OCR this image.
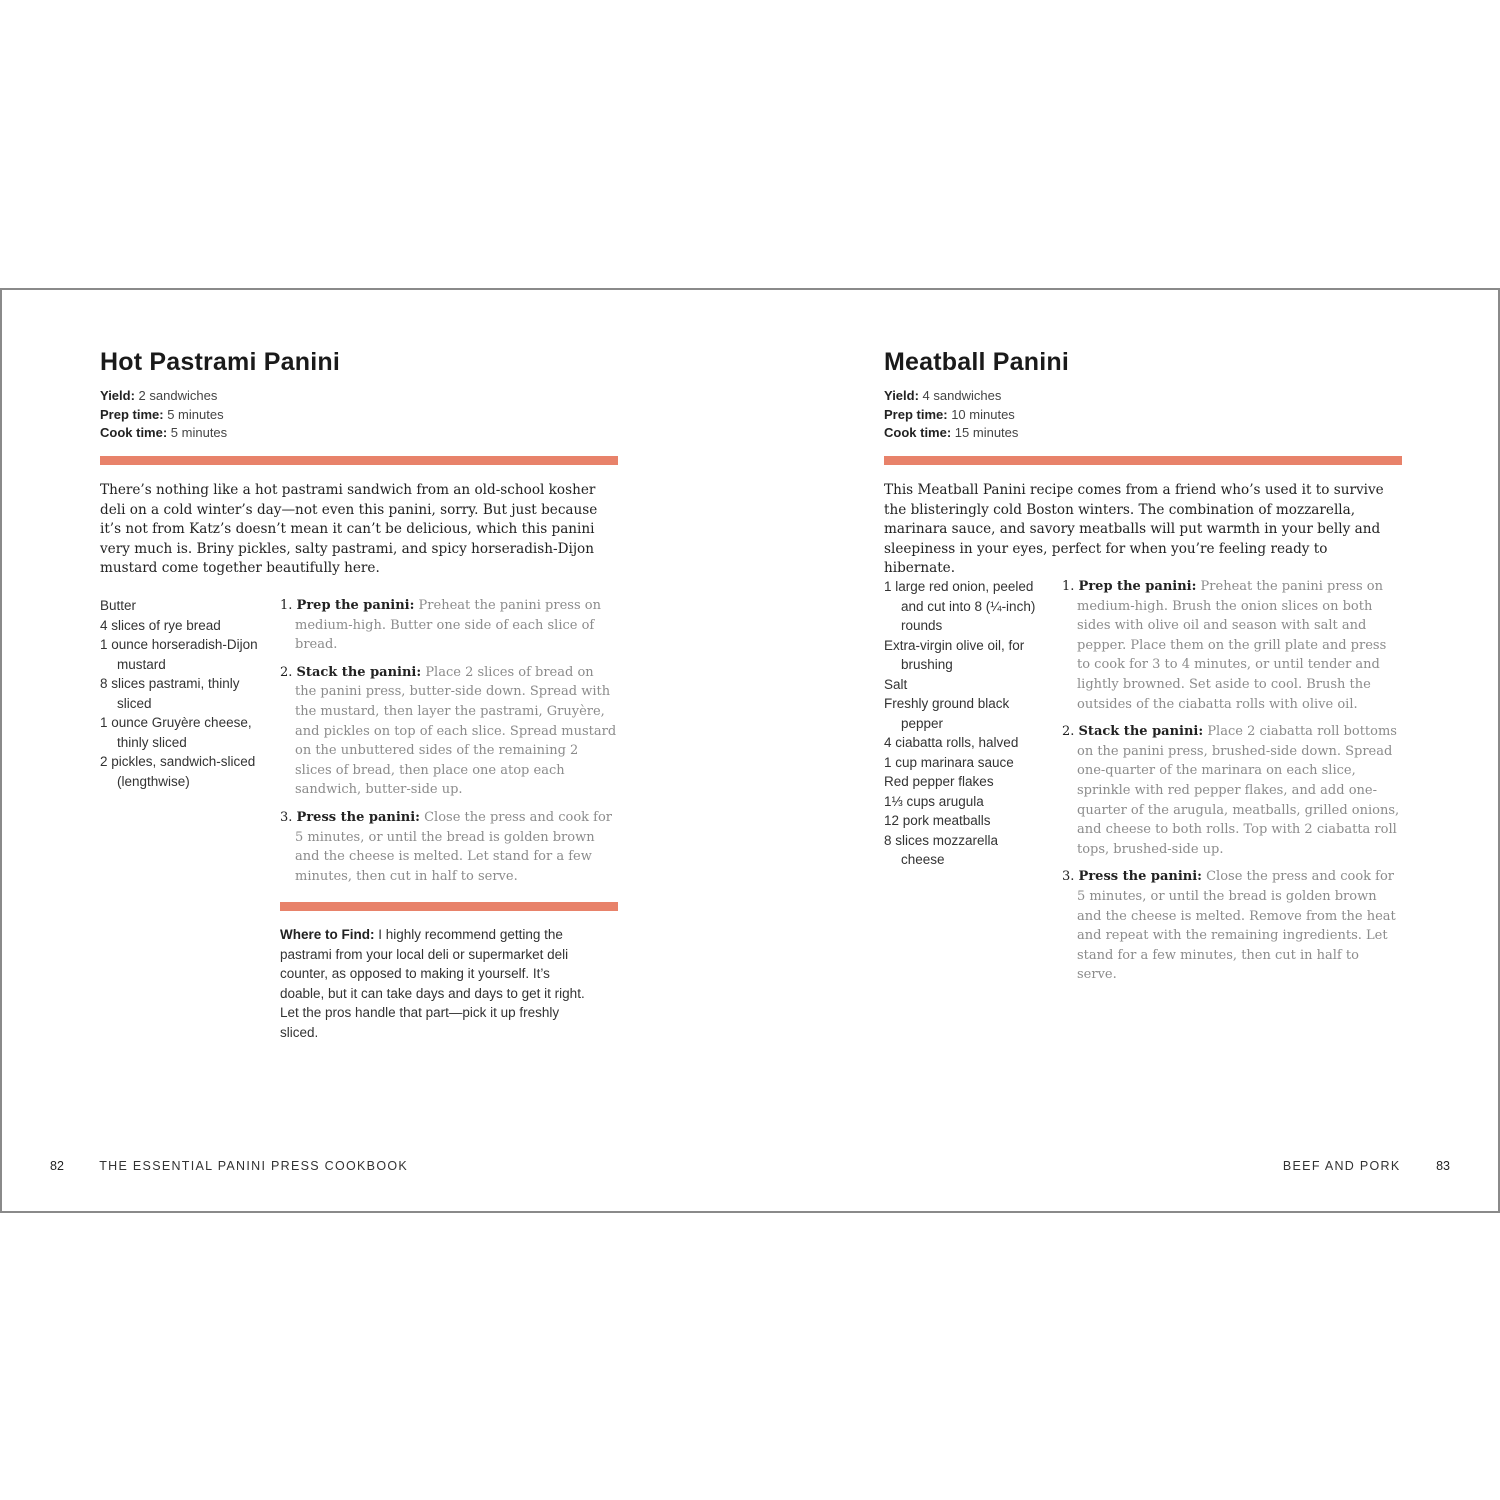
Hot Pastrami Panini
Yield: 2 sandwiches
Prep time: 5 minutes
Cook time: 5 minutes
There’s nothing like a hot pastrami sandwich from an old-school kosher deli on a cold winter’s day—not even this panini, sorry. But just because it’s not from Katz’s doesn’t mean it can’t be delicious, which this panini very much is. Briny pickles, salty pastrami, and spicy horseradish-Dijon mustard come together beautifully here.
Butter
4 slices of rye bread
1 ounce horseradish-Dijon mustard
8 slices pastrami, thinly sliced
1 ounce Gruyère cheese, thinly sliced
2 pickles, sandwich-sliced (lengthwise)
1. Prep the panini: Preheat the panini press on medium-high. Butter one side of each slice of bread.
2. Stack the panini: Place 2 slices of bread on the panini press, butter-side down. Spread with the mustard, then layer the pastrami, Gruyère, and pickles on top of each slice. Spread mustard on the unbuttered sides of the remaining 2 slices of bread, then place one atop each sandwich, butter-side up.
3. Press the panini: Close the press and cook for 5 minutes, or until the bread is golden brown and the cheese is melted. Let stand for a few minutes, then cut in half to serve.
Where to Find: I highly recommend getting the pastrami from your local deli or supermarket deli counter, as opposed to making it yourself. It’s doable, but it can take days and days to get it right. Let the pros handle that part—pick it up freshly sliced.
82	THE ESSENTIAL PANINI PRESS COOKBOOK
Meatball Panini
Yield: 4 sandwiches
Prep time: 10 minutes
Cook time: 15 minutes
This Meatball Panini recipe comes from a friend who’s used it to survive the blisteringly cold Boston winters. The combination of mozzarella, marinara sauce, and savory meatballs will put warmth in your belly and sleepiness in your eyes, perfect for when you’re feeling ready to hibernate.
1 large red onion, peeled and cut into 8 (¼-inch) rounds
Extra-virgin olive oil, for brushing
Salt
Freshly ground black pepper
4 ciabatta rolls, halved
1 cup marinara sauce
Red pepper flakes
1⅓ cups arugula
12 pork meatballs
8 slices mozzarella cheese
1. Prep the panini: Preheat the panini press on medium-high. Brush the onion slices on both sides with olive oil and season with salt and pepper. Place them on the grill plate and press to cook for 3 to 4 minutes, or until tender and lightly browned. Set aside to cool. Brush the outsides of the ciabatta rolls with olive oil.
2. Stack the panini: Place 2 ciabatta roll bottoms on the panini press, brushed-side down. Spread one-quarter of the marinara on each slice, sprinkle with red pepper flakes, and add one-quarter of the arugula, meatballs, grilled onions, and cheese to both rolls. Top with 2 ciabatta roll tops, brushed-side up.
3. Press the panini: Close the press and cook for 5 minutes, or until the bread is golden brown and the cheese is melted. Remove from the heat and repeat with the remaining ingredients. Let stand for a few minutes, then cut in half to serve.
BEEF AND PORK	83
